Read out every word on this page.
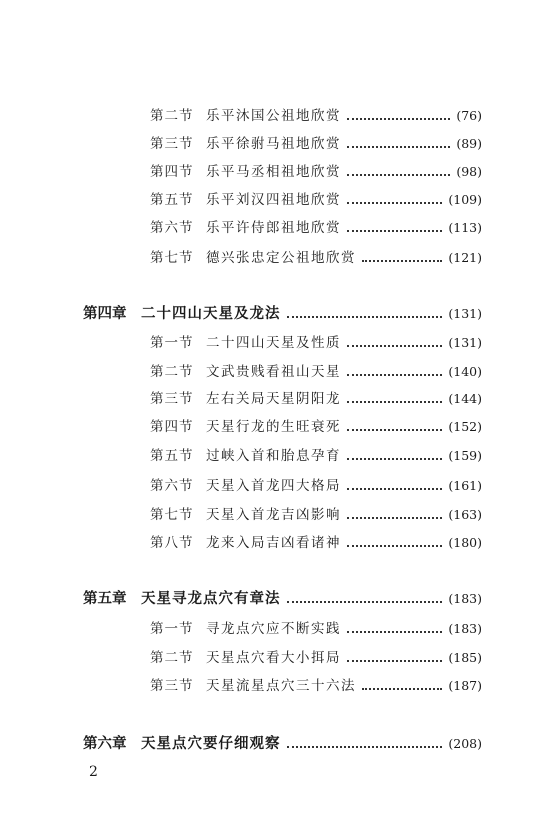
第二节 乐平沐国公祖地欣赏	(76)
第三节 乐平徐驸马祖地欣赏	(89)
第四节 乐平马丞相祖地欣赏	(98)
第五节 乐平刘汉四祖地欣赏	(109)
第六节 乐平许侍郎祖地欣赏	(113)
第七节 德兴张忠定公祖地欣赏	(121)
第四章	二十四山天星及龙法	(131)
第一节 二十四山天星及性质	(131)
第二节 文武贵贱看祖山天星	(140)
第三节 左右关局天星阴阳龙	(144)
第四节 天星行龙的生旺衰死	(152)
第五节 过峡入首和胎息孕育	(159)
第六节 天星入首龙四大格局	(161)
第七节 天星入首龙吉凶影响	(163)
第八节 龙来入局吉凶看诸神	(180)
第五章	天星寻龙点穴有章法	(183)
第一节 寻龙点穴应不断实践	(183)
第二节 天星点穴看大小挕局	(185)
第三节 天星流星点穴三十六法	(187)
第六章	天星点穴要仔细观察	(208)
2
